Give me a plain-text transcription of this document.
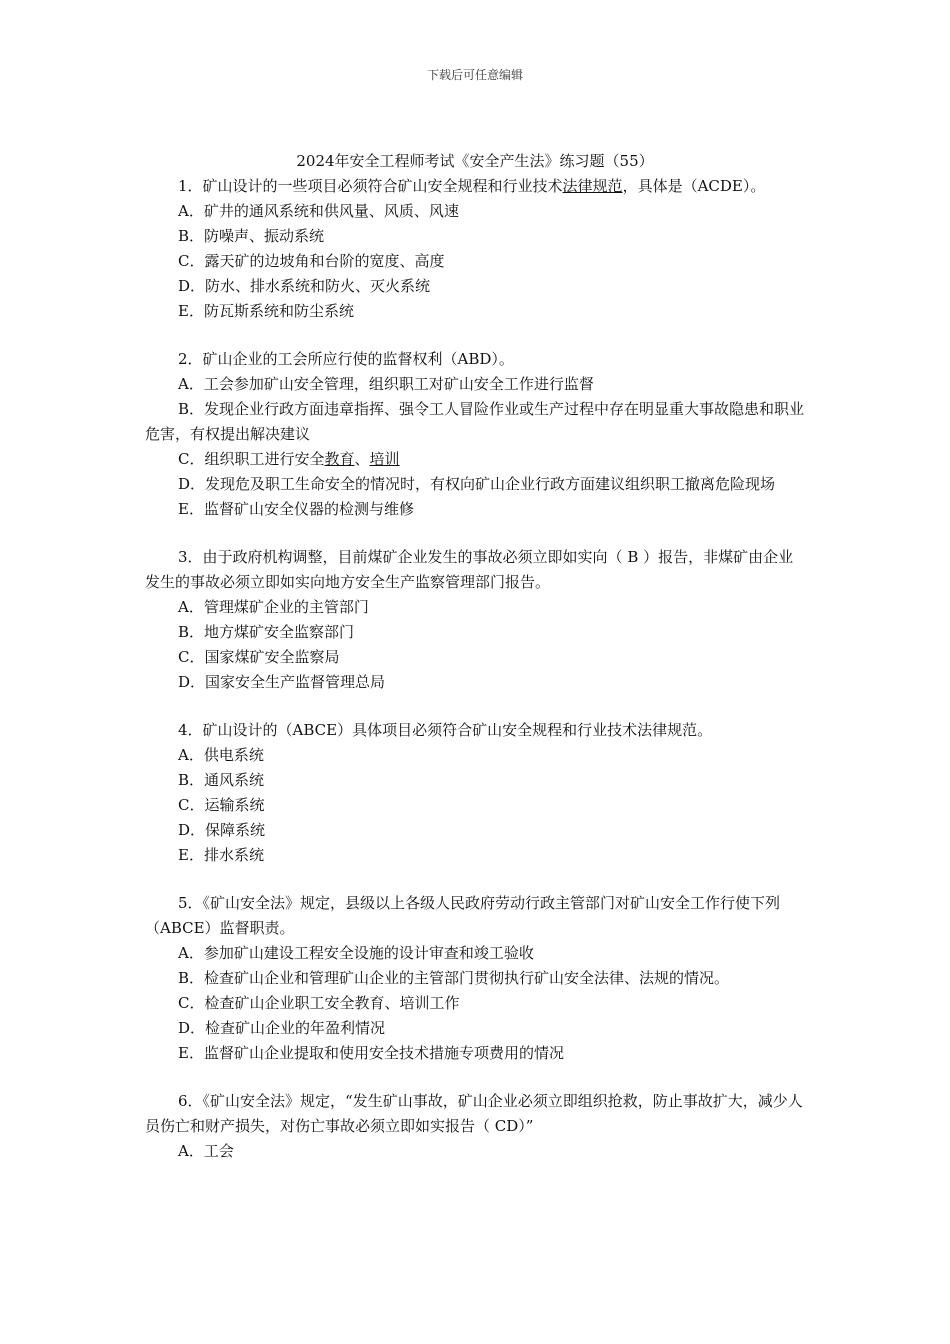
下载后可任意编辑
2024年安全工程师考试《安全产生法》练习题（55）

1．矿山设计的一些项目必须符合矿山安全规程和行业技术法律规范，具体是（ACDE）。

A．矿井的通风系统和供风量、风质、风速

B．防噪声、振动系统

C．露天矿的边坡角和台阶的宽度、高度

D．防水、排水系统和防火、灭火系统

E．防瓦斯系统和防尘系统

2．矿山企业的工会所应行使的监督权利（ABD）。

A．工会参加矿山安全管理，组织职工对矿山安全工作进行监督

B．发现企业行政方面违章指挥、强令工人冒险作业或生产过程中存在明显重大事故隐患和职业危害，有权提出解决建议

C．组织职工进行安全教育、培训

D．发现危及职工生命安全的情况时，有权向矿山企业行政方面建议组织职工撤离危险现场

E．监督矿山安全仪器的检测与维修

3．由于政府机构调整，目前煤矿企业发生的事故必须立即如实向（ B ）报告，非煤矿由企业发生的事故必须立即如实向地方安全生产监察管理部门报告。

A．管理煤矿企业的主管部门

B．地方煤矿安全监察部门

C．国家煤矿安全监察局

D．国家安全生产监督管理总局

4．矿山设计的（ABCE）具体项目必须符合矿山安全规程和行业技术法律规范。

A．供电系统

B．通风系统

C．运输系统

D．保障系统

E．排水系统

5．《矿山安全法》规定，县级以上各级人民政府劳动行政主管部门对矿山安全工作行使下列（ABCE）监督职责。

A．参加矿山建设工程安全设施的设计审查和竣工验收

B．检查矿山企业和管理矿山企业的主管部门贯彻执行矿山安全法律、法规的情况。

C．检查矿山企业职工安全教育、培训工作

D．检查矿山企业的年盈利情况

E．监督矿山企业提取和使用安全技术措施专项费用的情况

6．《矿山安全法》规定，“发生矿山事故，矿山企业必须立即组织抢救，防止事故扩大，减少人员伤亡和财产损失，对伤亡事故必须立即如实报告（ CD）”

A．工会
